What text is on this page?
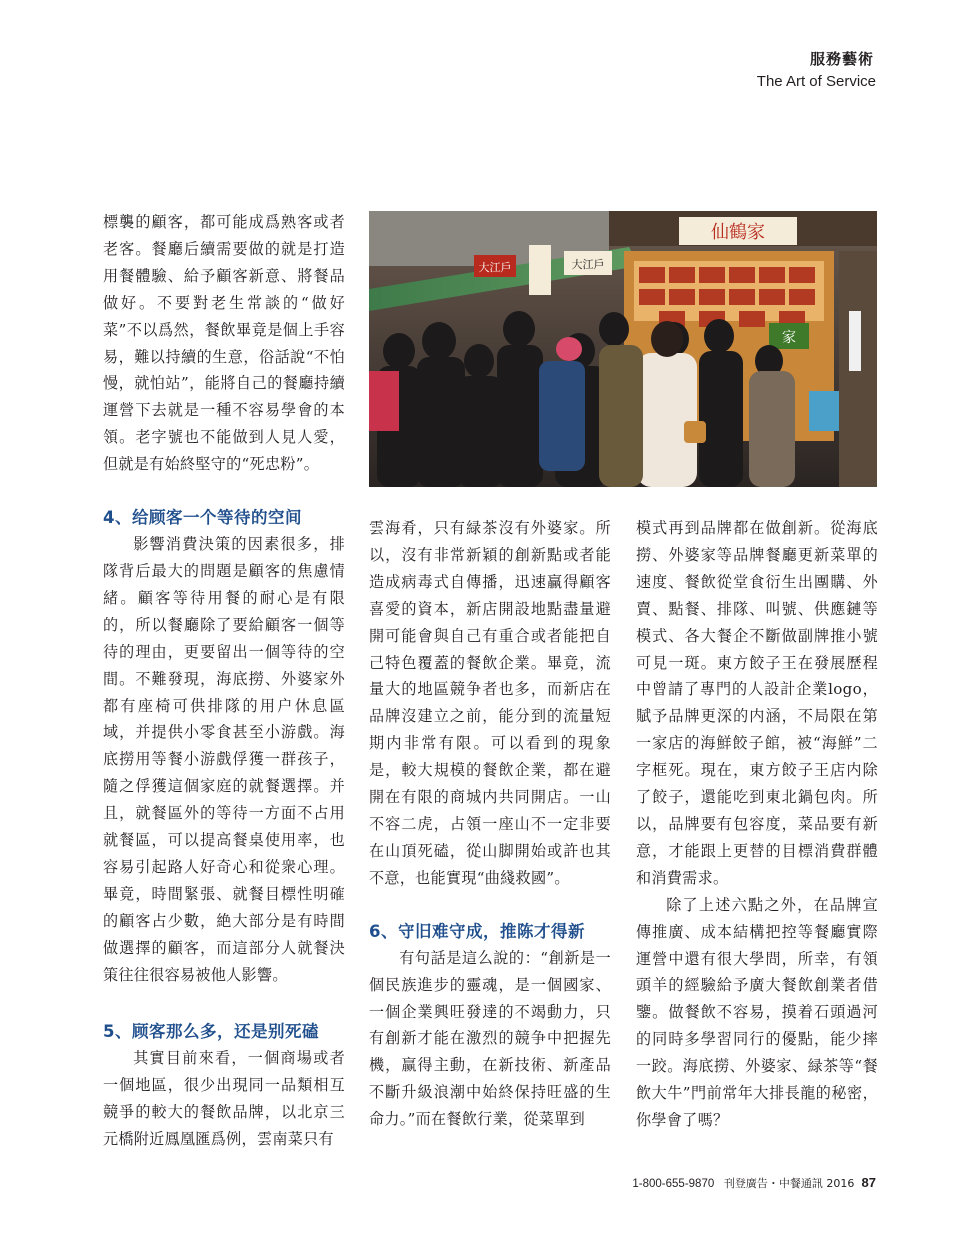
服務藝術
The Art of Service

標襲的顧客，都可能成爲熟客或者老客。餐廳后續需要做的就是打造用餐體驗、給予顧客新意、將餐品做好。不要對老生常談的“做好菜”不以爲然，餐飲畢竟是個上手容易，難以持續的生意，俗話說“不怕慢，就怕站”，能將自己的餐廳持續運營下去就是一種不容易學會的本領。老字號也不能做到人見人愛，但就是有始終堅守的“死忠粉”。

4、给顾客一个等待的空间

影響消費決策的因素很多，排隊背后最大的問題是顧客的焦慮情緒。顧客等待用餐的耐心是有限的，所以餐廳除了要給顧客一個等待的理由，更要留出一個等待的空間。不難發現，海底撈、外婆家外都有座椅可供排隊的用户休息區域，并提供小零食甚至小游戲。海底撈用等餐小游戲俘獲一群孩子，隨之俘獲這個家庭的就餐選擇。并且，就餐區外的等待一方面不占用就餐區，可以提高餐桌使用率，也容易引起路人好奇心和從衆心理。畢竟，時間緊張、就餐目標性明確的顧客占少數，絶大部分是有時間做選擇的顧客，而這部分人就餐決策往往很容易被他人影響。

5、顾客那么多，还是别死磕

其實目前來看，一個商場或者一個地區，很少出現同一品類相互競爭的較大的餐飲品牌，以北京三元橋附近鳳凰匯爲例，雲南菜只有

仙鶴家
大江戶	大江戶
家

雲海肴，只有緑茶沒有外婆家。所以，沒有非常新穎的創新點或者能造成病毒式自傳播，迅速贏得顧客喜愛的資本，新店開設地點盡量避開可能會與自己有重合或者能把自己特色覆蓋的餐飲企業。畢竟，流量大的地區競争者也多，而新店在品牌沒建立之前，能分到的流量短期内非常有限。可以看到的現象是，較大規模的餐飲企業，都在避開在有限的商城内共同開店。一山不容二虎，占領一座山不一定非要在山頂死磕，從山脚開始或許也其不意，也能實現“曲綫救國”。

6、守旧难守成，推陈才得新

有句話是這么說的：“創新是一個民族進步的靈魂，是一個國家、一個企業興旺發達的不竭動力，只有創新才能在激烈的競争中把握先機，赢得主動，在新技術、新產品不斷升級浪潮中始終保持旺盛的生命力。”而在餐飲行業，從菜單到

模式再到品牌都在做創新。從海底撈、外婆家等品牌餐廳更新菜單的速度、餐飲從堂食衍生出團購、外賣、點餐、排隊、叫號、供應鏈等模式、各大餐企不斷做副牌推小號可見一斑。東方餃子王在發展歷程中曾請了專門的人設計企業logo，賦予品牌更深的内涵，不局限在第一家店的海鮮餃子館，被“海鮮”二字框死。現在，東方餃子王店内除了餃子，還能吃到東北鍋包肉。所以，品牌要有包容度，菜品要有新意，才能跟上更替的目標消費群體和消費需求。

除了上述六點之外，在品牌宣傳推廣、成本結構把控等餐廳實際運營中還有很大學問，所幸，有領頭羊的經驗給予廣大餐飲創業者借鑒。做餐飲不容易，摸着石頭過河的同時多學習同行的優點，能少摔一跤。海底撈、外婆家、緑茶等“餐飲大牛”門前常年大排長龍的秘密，你學會了嗎？

1-800-655-9870 刊登廣告・中餐通訊 2016 87
